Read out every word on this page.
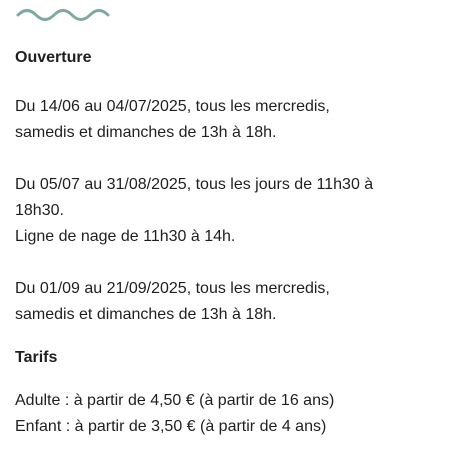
Ouverture

Du 14/06 au 04/07/2025, tous les mercredis,
samedis et dimanches de 13h à 18h.

Du 05/07 au 31/08/2025, tous les jours de 11h30 à
18h30.
Ligne de nage de 11h30 à 14h.

Du 01/09 au 21/09/2025, tous les mercredis,
samedis et dimanches de 13h à 18h.

Tarifs

Adulte : à partir de 4,50 € (à partir de 16 ans)
Enfant : à partir de 3,50 € (à partir de 4 ans)
